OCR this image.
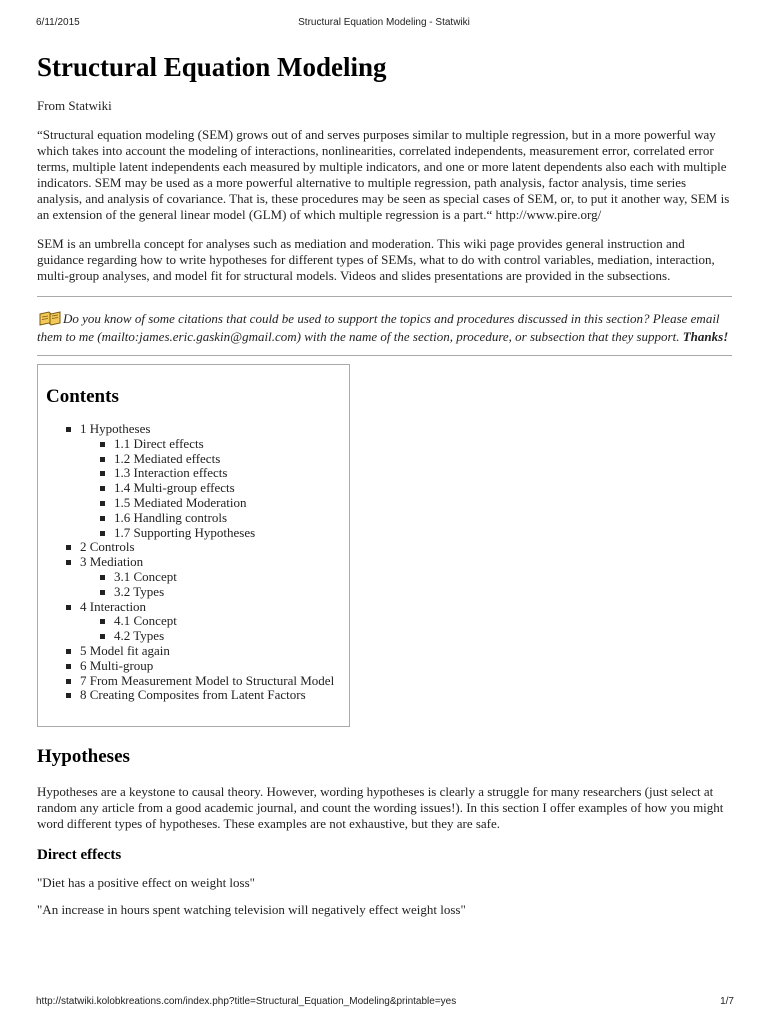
6/11/2015	Structural Equation Modeling - Statwiki
Structural Equation Modeling
From Statwiki

“Structural equation modeling (SEM) grows out of and serves purposes similar to multiple regression, but in a more powerful way which takes into account the modeling of interactions, nonlinearities, correlated independents, measurement error, correlated error terms, multiple latent independents each measured by multiple indicators, and one or more latent dependents also each with multiple indicators. SEM may be used as a more powerful alternative to multiple regression, path analysis, factor analysis, time series analysis, and analysis of covariance. That is, these procedures may be seen as special cases of SEM, or, to put it another way, SEM is an extension of the general linear model (GLM) of which multiple regression is a part.“ http://www.pire.org/

SEM is an umbrella concept for analyses such as mediation and moderation. This wiki page provides general instruction and guidance regarding how to write hypotheses for different types of SEMs, what to do with control variables, mediation, interaction, multi-group analyses, and model fit for structural models. Videos and slides presentations are provided in the subsections.

Do you know of some citations that could be used to support the topics and procedures discussed in this section? Please email them to me (mailto:james.eric.gaskin@gmail.com) with the name of the section, procedure, or subsection that they support. Thanks!
Contents
1 Hypotheses
1.1 Direct effects
1.2 Mediated effects
1.3 Interaction effects
1.4 Multi-group effects
1.5 Mediated Moderation
1.6 Handling controls
1.7 Supporting Hypotheses
2 Controls
3 Mediation
3.1 Concept
3.2 Types
4 Interaction
4.1 Concept
4.2 Types
5 Model fit again
6 Multi-group
7 From Measurement Model to Structural Model
8 Creating Composites from Latent Factors
Hypotheses

Hypotheses are a keystone to causal theory. However, wording hypotheses is clearly a struggle for many researchers (just select at random any article from a good academic journal, and count the wording issues!). In this section I offer examples of how you might word different types of hypotheses. These examples are not exhaustive, but they are safe.

Direct effects

"Diet has a positive effect on weight loss"

"An increase in hours spent watching television will negatively effect weight loss"

http://statwiki.kolobkreations.com/index.php?title=Structural_Equation_Modeling&printable=yes	1/7
